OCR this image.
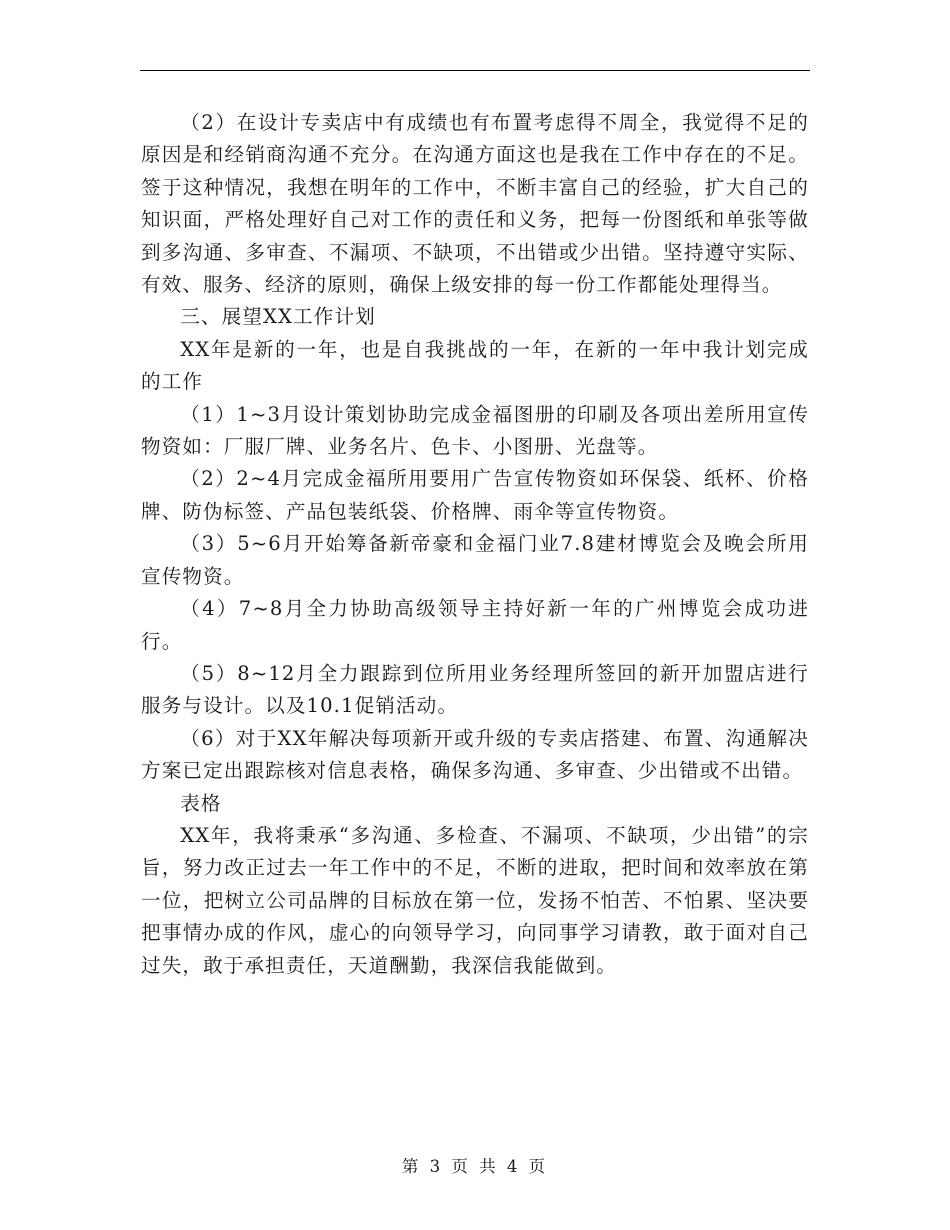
（2）在设计专卖店中有成绩也有布置考虑得不周全，我觉得不足的原因是和经销商沟通不充分。在沟通方面这也是我在工作中存在的不足。签于这种情况，我想在明年的工作中，不断丰富自己的经验，扩大自己的知识面，严格处理好自己对工作的责任和义务，把每一份图纸和单张等做到多沟通、多审查、不漏项、不缺项，不出错或少出错。坚持遵守实际、有效、服务、经济的原则，确保上级安排的每一份工作都能处理得当。

三、展望XX工作计划

XX年是新的一年，也是自我挑战的一年，在新的一年中我计划完成的工作

（1）1~3月设计策划协助完成金福图册的印刷及各项出差所用宣传物资如：厂服厂牌、业务名片、色卡、小图册、光盘等。

（2）2~4月完成金福所用要用广告宣传物资如环保袋、纸杯、价格牌、防伪标签、产品包装纸袋、价格牌、雨伞等宣传物资。

（3）5~6月开始筹备新帝豪和金福门业7.8建材博览会及晚会所用宣传物资。

（4）7~8月全力协助高级领导主持好新一年的广州博览会成功进行。

（5）8~12月全力跟踪到位所用业务经理所签回的新开加盟店进行服务与设计。以及10.1促销活动。

（6）对于XX年解决每项新开或升级的专卖店搭建、布置、沟通解决方案已定出跟踪核对信息表格，确保多沟通、多审查、少出错或不出错。

表格

XX年，我将秉承“多沟通、多检查、不漏项、不缺项，少出错”的宗旨，努力改正过去一年工作中的不足，不断的进取，把时间和效率放在第一位，把树立公司品牌的目标放在第一位，发扬不怕苦、不怕累、坚决要把事情办成的作风，虚心的向领导学习，向同事学习请教，敢于面对自己过失，敢于承担责任，天道酬勤，我深信我能做到。

第 3 页 共 4 页
